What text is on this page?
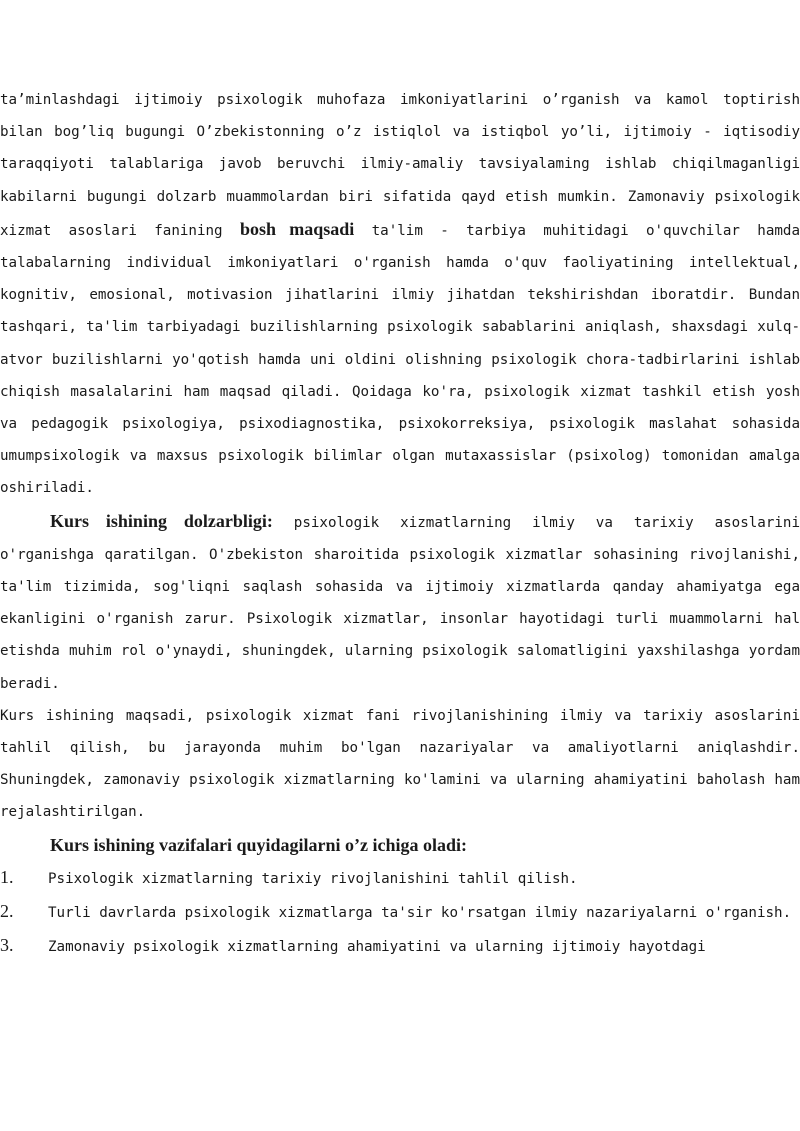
ta’minlashdagi ijtimoiy psixologik muhofaza imkoniyatlarini o’rganish va kamol toptirish bilan bog’liq bugungi O’zbekistonning o’z istiqlol va istiqbol yo’li, ijtimoiy - iqtisodiy taraqqiyoti talablariga javob beruvchi ilmiy-amaliy tavsiyalaming ishlab chiqilmaganligi kabilarni bugungi dolzarb muammolardan biri sifatida qayd etish mumkin. Zamonaviy psixologik xizmat asoslari fanining bosh maqsadi ta'lim - tarbiya muhitidagi o'quvchilar hamda talabalarning individual imkoniyatlari o'rganish hamda o'quv faoliyatining intellektual, kognitiv, emosional, motivasion jihatlarini ilmiy jihatdan tekshirishdan iboratdir. Bundan tashqari, ta'lim tarbiyadagi buzilishlarning psixologik sabablarini aniqlash, shaxsdagi xulq-atvor buzilishlarni yo'qotish hamda uni oldini olishning psixologik chora-tadbirlarini ishlab chiqish masalalarini ham maqsad qiladi. Qoidaga ko'ra, psixologik xizmat tashkil etish yosh va pedagogik psixologiya, psixodiagnostika, psixokorreksiya, psixologik maslahat sohasida umumpsixologik va maxsus psixologik bilimlar olgan mutaxassislar (psixolog) tomonidan amalga oshiriladi.

Kurs ishining dolzarbligi: psixologik xizmatlarning ilmiy va tarixiy asoslarini o'rganishga qaratilgan. O'zbekiston sharoitida psixologik xizmatlar sohasining rivojlanishi, ta'lim tizimida, sog'liqni saqlash sohasida va ijtimoiy xizmatlarda qanday ahamiyatga ega ekanligini o'rganish zarur. Psixologik xizmatlar, insonlar hayotidagi turli muammolarni hal etishda muhim rol o'ynaydi, shuningdek, ularning psixologik salomatligini yaxshilashga yordam beradi.

Kurs ishining maqsadi, psixologik xizmat fani rivojlanishining ilmiy va tarixiy asoslarini tahlil qilish, bu jarayonda muhim bo'lgan nazariyalar va amaliyotlarni aniqlashdir. Shuningdek, zamonaviy psixologik xizmatlarning ko'lamini va ularning ahamiyatini baholash ham rejalashtirilgan.

Kurs ishining vazifalari quyidagilarni o’z ichiga oladi:

1. Psixologik xizmatlarning tarixiy rivojlanishini tahlil qilish.

2. Turli davrlarda psixologik xizmatlarga ta'sir ko'rsatgan ilmiy nazariyalarni o'rganish.

3. Zamonaviy psixologik xizmatlarning ahamiyatini va ularning ijtimoiy hayotdagi
